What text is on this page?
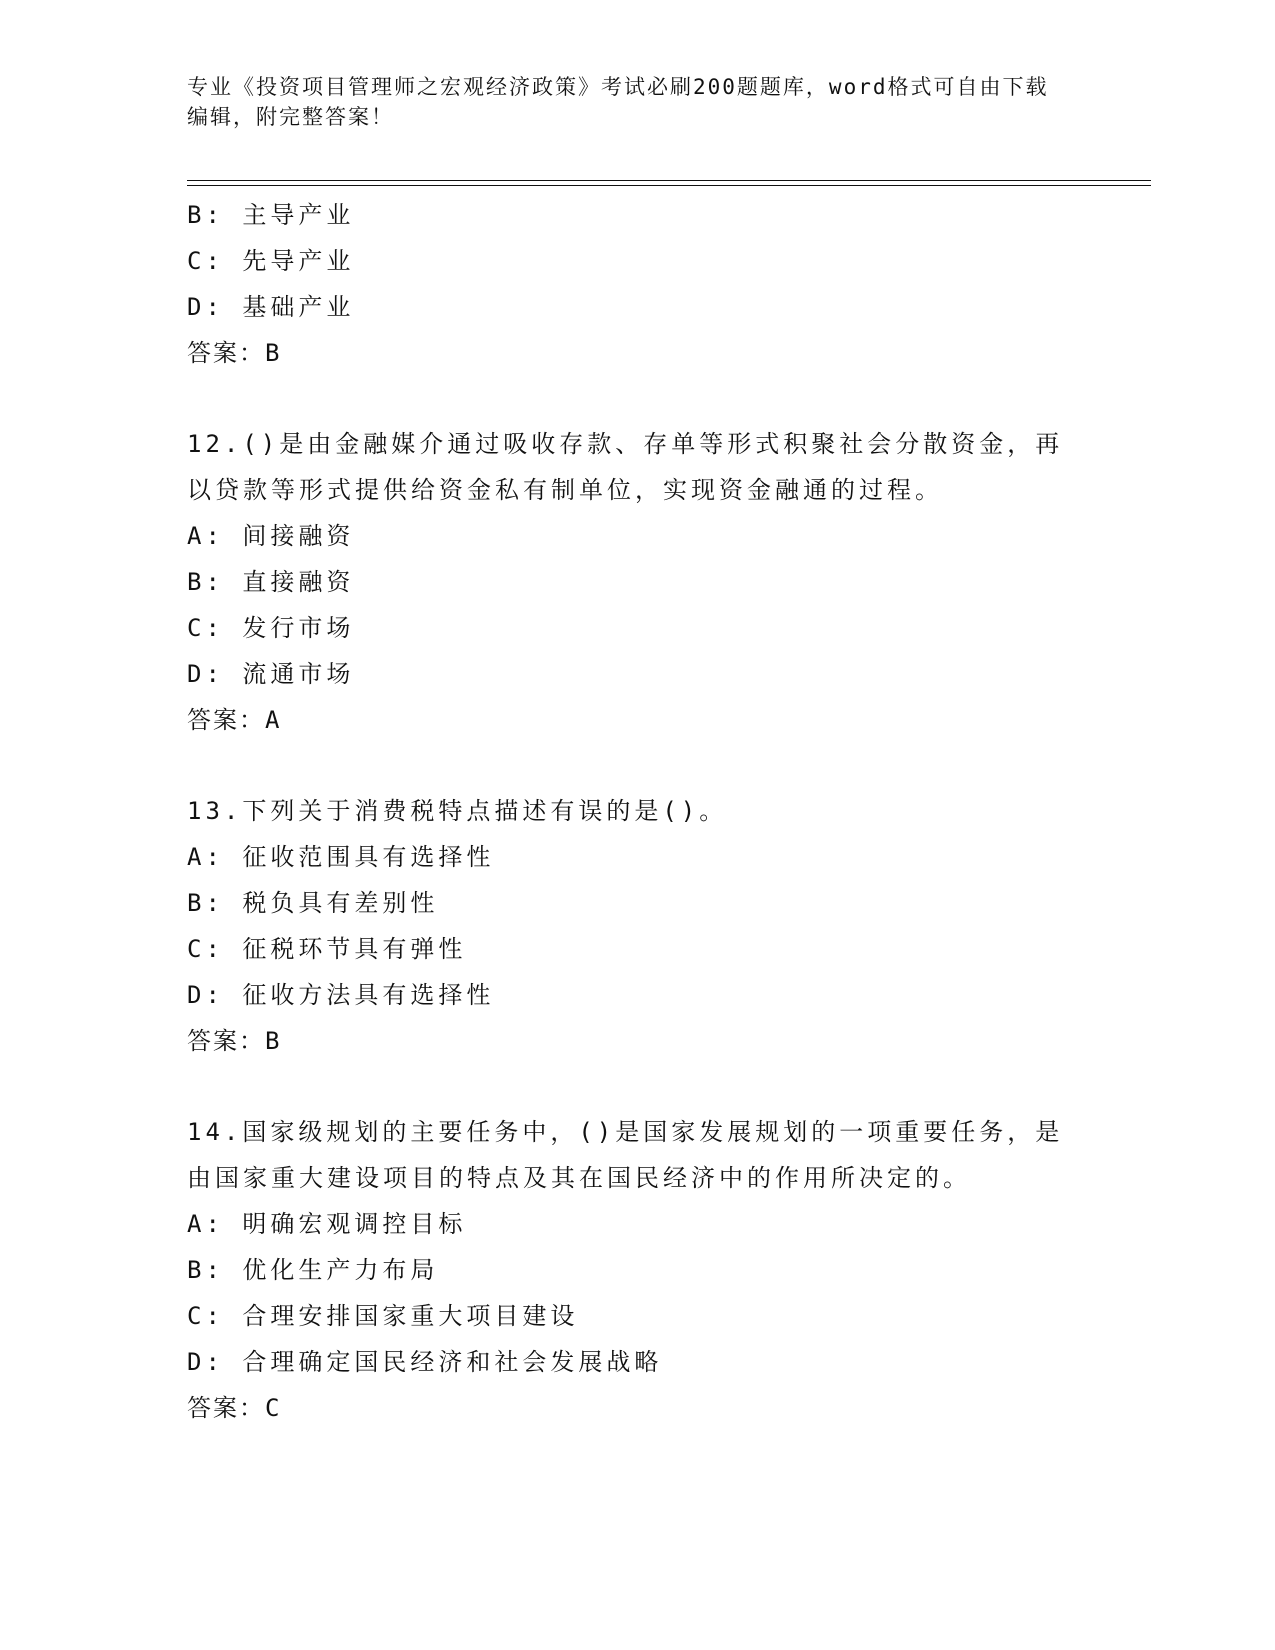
专业《投资项目管理师之宏观经济政策》考试必刷200题题库，word格式可自由下载编辑，附完整答案！
B: 主导产业
C: 先导产业
D: 基础产业
答案：B
12.()是由金融媒介通过吸收存款、存单等形式积聚社会分散资金，再以贷款等形式提供给资金私有制单位，实现资金融通的过程。
A: 间接融资
B: 直接融资
C: 发行市场
D: 流通市场
答案：A
13.下列关于消费税特点描述有误的是()。
A: 征收范围具有选择性
B: 税负具有差别性
C: 征税环节具有弹性
D: 征收方法具有选择性
答案：B
14.国家级规划的主要任务中，()是国家发展规划的一项重要任务，是由国家重大建设项目的特点及其在国民经济中的作用所决定的。
A: 明确宏观调控目标
B: 优化生产力布局
C: 合理安排国家重大项目建设
D: 合理确定国民经济和社会发展战略
答案：C
